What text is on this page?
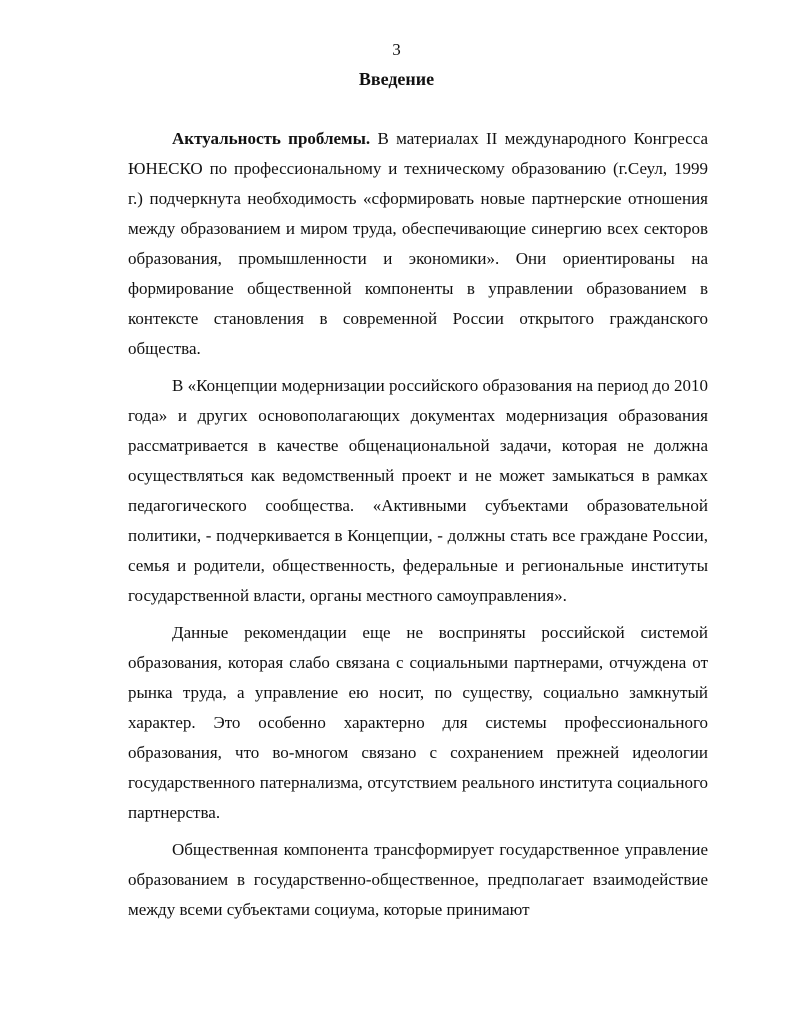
3
Введение

Актуальность проблемы. В материалах II международного Конгресса ЮНЕСКО по профессиональному и техническому образованию (г.Сеул, 1999 г.) подчеркнута необходимость «сформировать новые партнерские отношения между образованием и миром труда, обеспечивающие синергию всех секторов образования, промышленности и экономики». Они ориентированы на формирование общественной компоненты в управлении образованием в контексте становления в современной России открытого гражданского общества.

В «Концепции модернизации российского образования на период до 2010 года» и других основополагающих документах модернизация образования рассматривается в качестве общенациональной задачи, которая не должна осуществляться как ведомственный проект и не может замыкаться в рамках педагогического сообщества. «Активными субъектами образовательной политики, - подчеркивается в Концепции, - должны стать все граждане России, семья и родители, общественность, федеральные и региональные институты государственной власти, органы местного самоуправления».

Данные рекомендации еще не восприняты российской системой образования, которая слабо связана с социальными партнерами, отчуждена от рынка труда, а управление ею носит, по существу, социально замкнутый характер. Это особенно характерно для системы профессионального образования, что во-многом связано с сохранением прежней идеологии государственного патернализма, отсутствием реального института социального партнерства.

Общественная компонента трансформирует государственное управление образованием в государственно-общественное, предполагает взаимодействие между всеми субъектами социума, которые принимают
